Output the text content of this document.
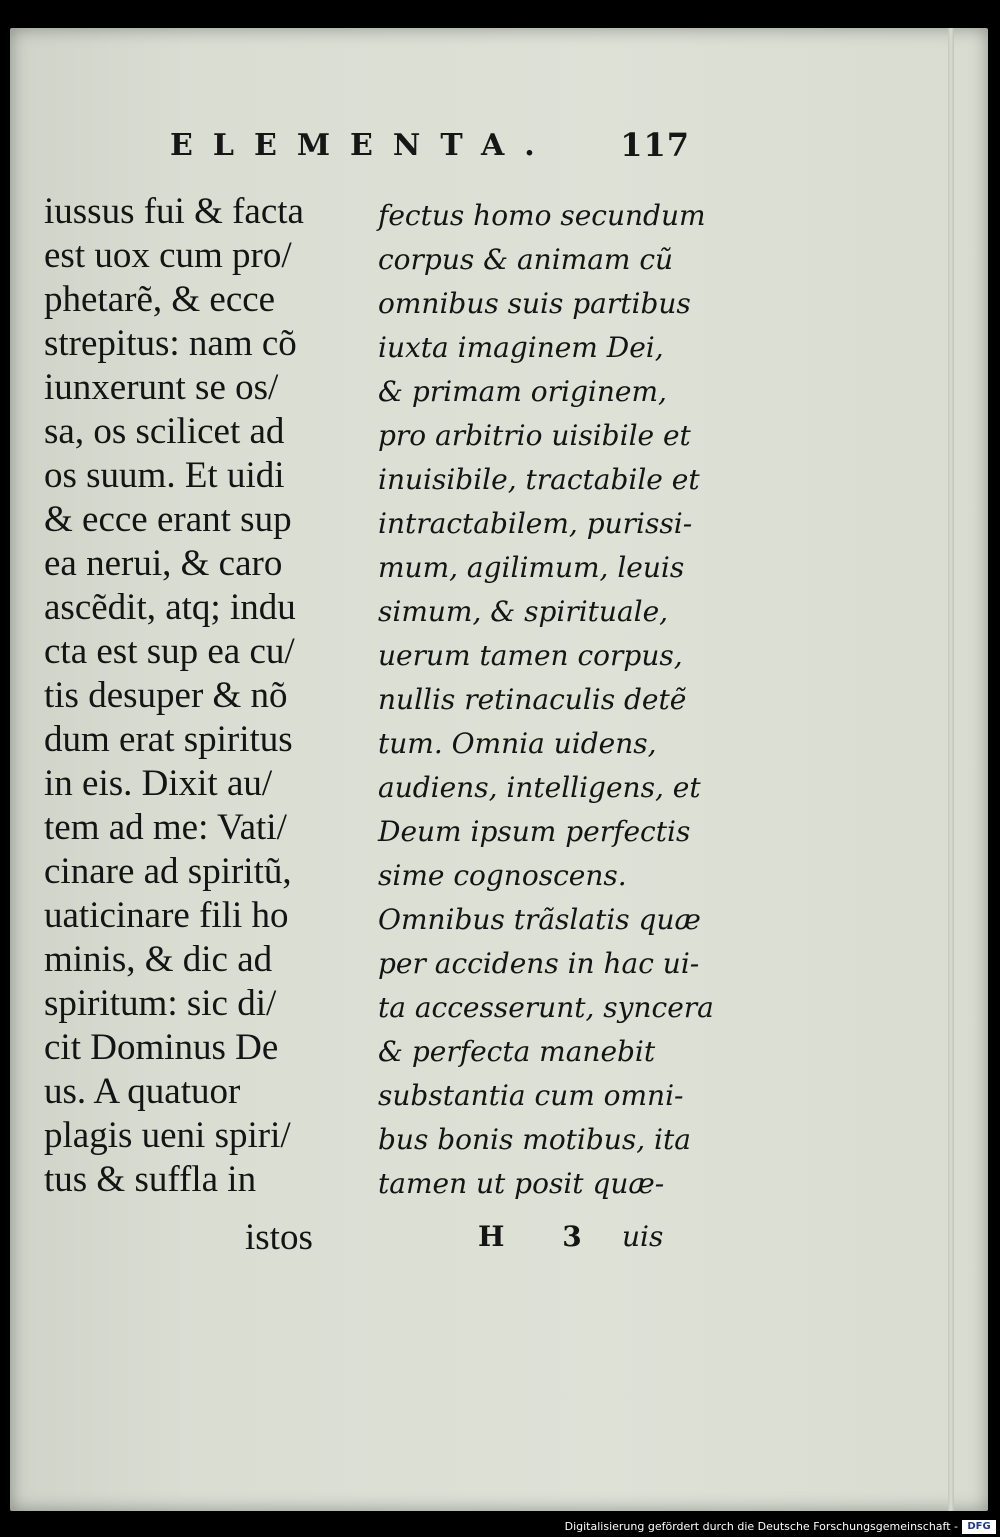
ELEMENTA. 117
iussus fui & facta
est uox cum pro/
phetarẽ, & ecce
strepitus: nam cõ
iunxerunt se os/
sa, os scilicet ad
os suum. Et uidi
& ecce erant sup
ea nerui, & caro
ascẽdit, atq; indu
cta est sup ea cu/
tis desuper & nõ
dum erat spiritus
in eis. Dixit au/
tem ad me: Vati/
cinare ad spiritũ,
uaticinare fili ho
minis, & dic ad
spiritum: sic di/
cit Dominus De
us. A quatuor
plagis ueni spiri/
tus & suffla in
fectus homo secundum
corpus & animam cũ
omnibus suis partibus
iuxta imaginem Dei,
& primam originem,
pro arbitrio uisibile et
inuisibile, tractabile et
intractabilem, purissi-
mum, agilimum, leuis
simum, & spirituale,
uerum tamen corpus,
nullis retinaculis detẽ
tum. Omnia uidens,
audiens, intelligens, et
Deum ipsum perfectis
sime cognoscens.
Omnibus trãslatis quæ
per accidens in hac ui-
ta accesserunt, syncera
& perfecta manebit
substantia cum omni-
bus bonis motibus, ita
tamen ut posit quæ-
istos	H 3 uis
Digitalisierung gefördert durch die Deutsche Forschungsgemeinschaft - DFG
